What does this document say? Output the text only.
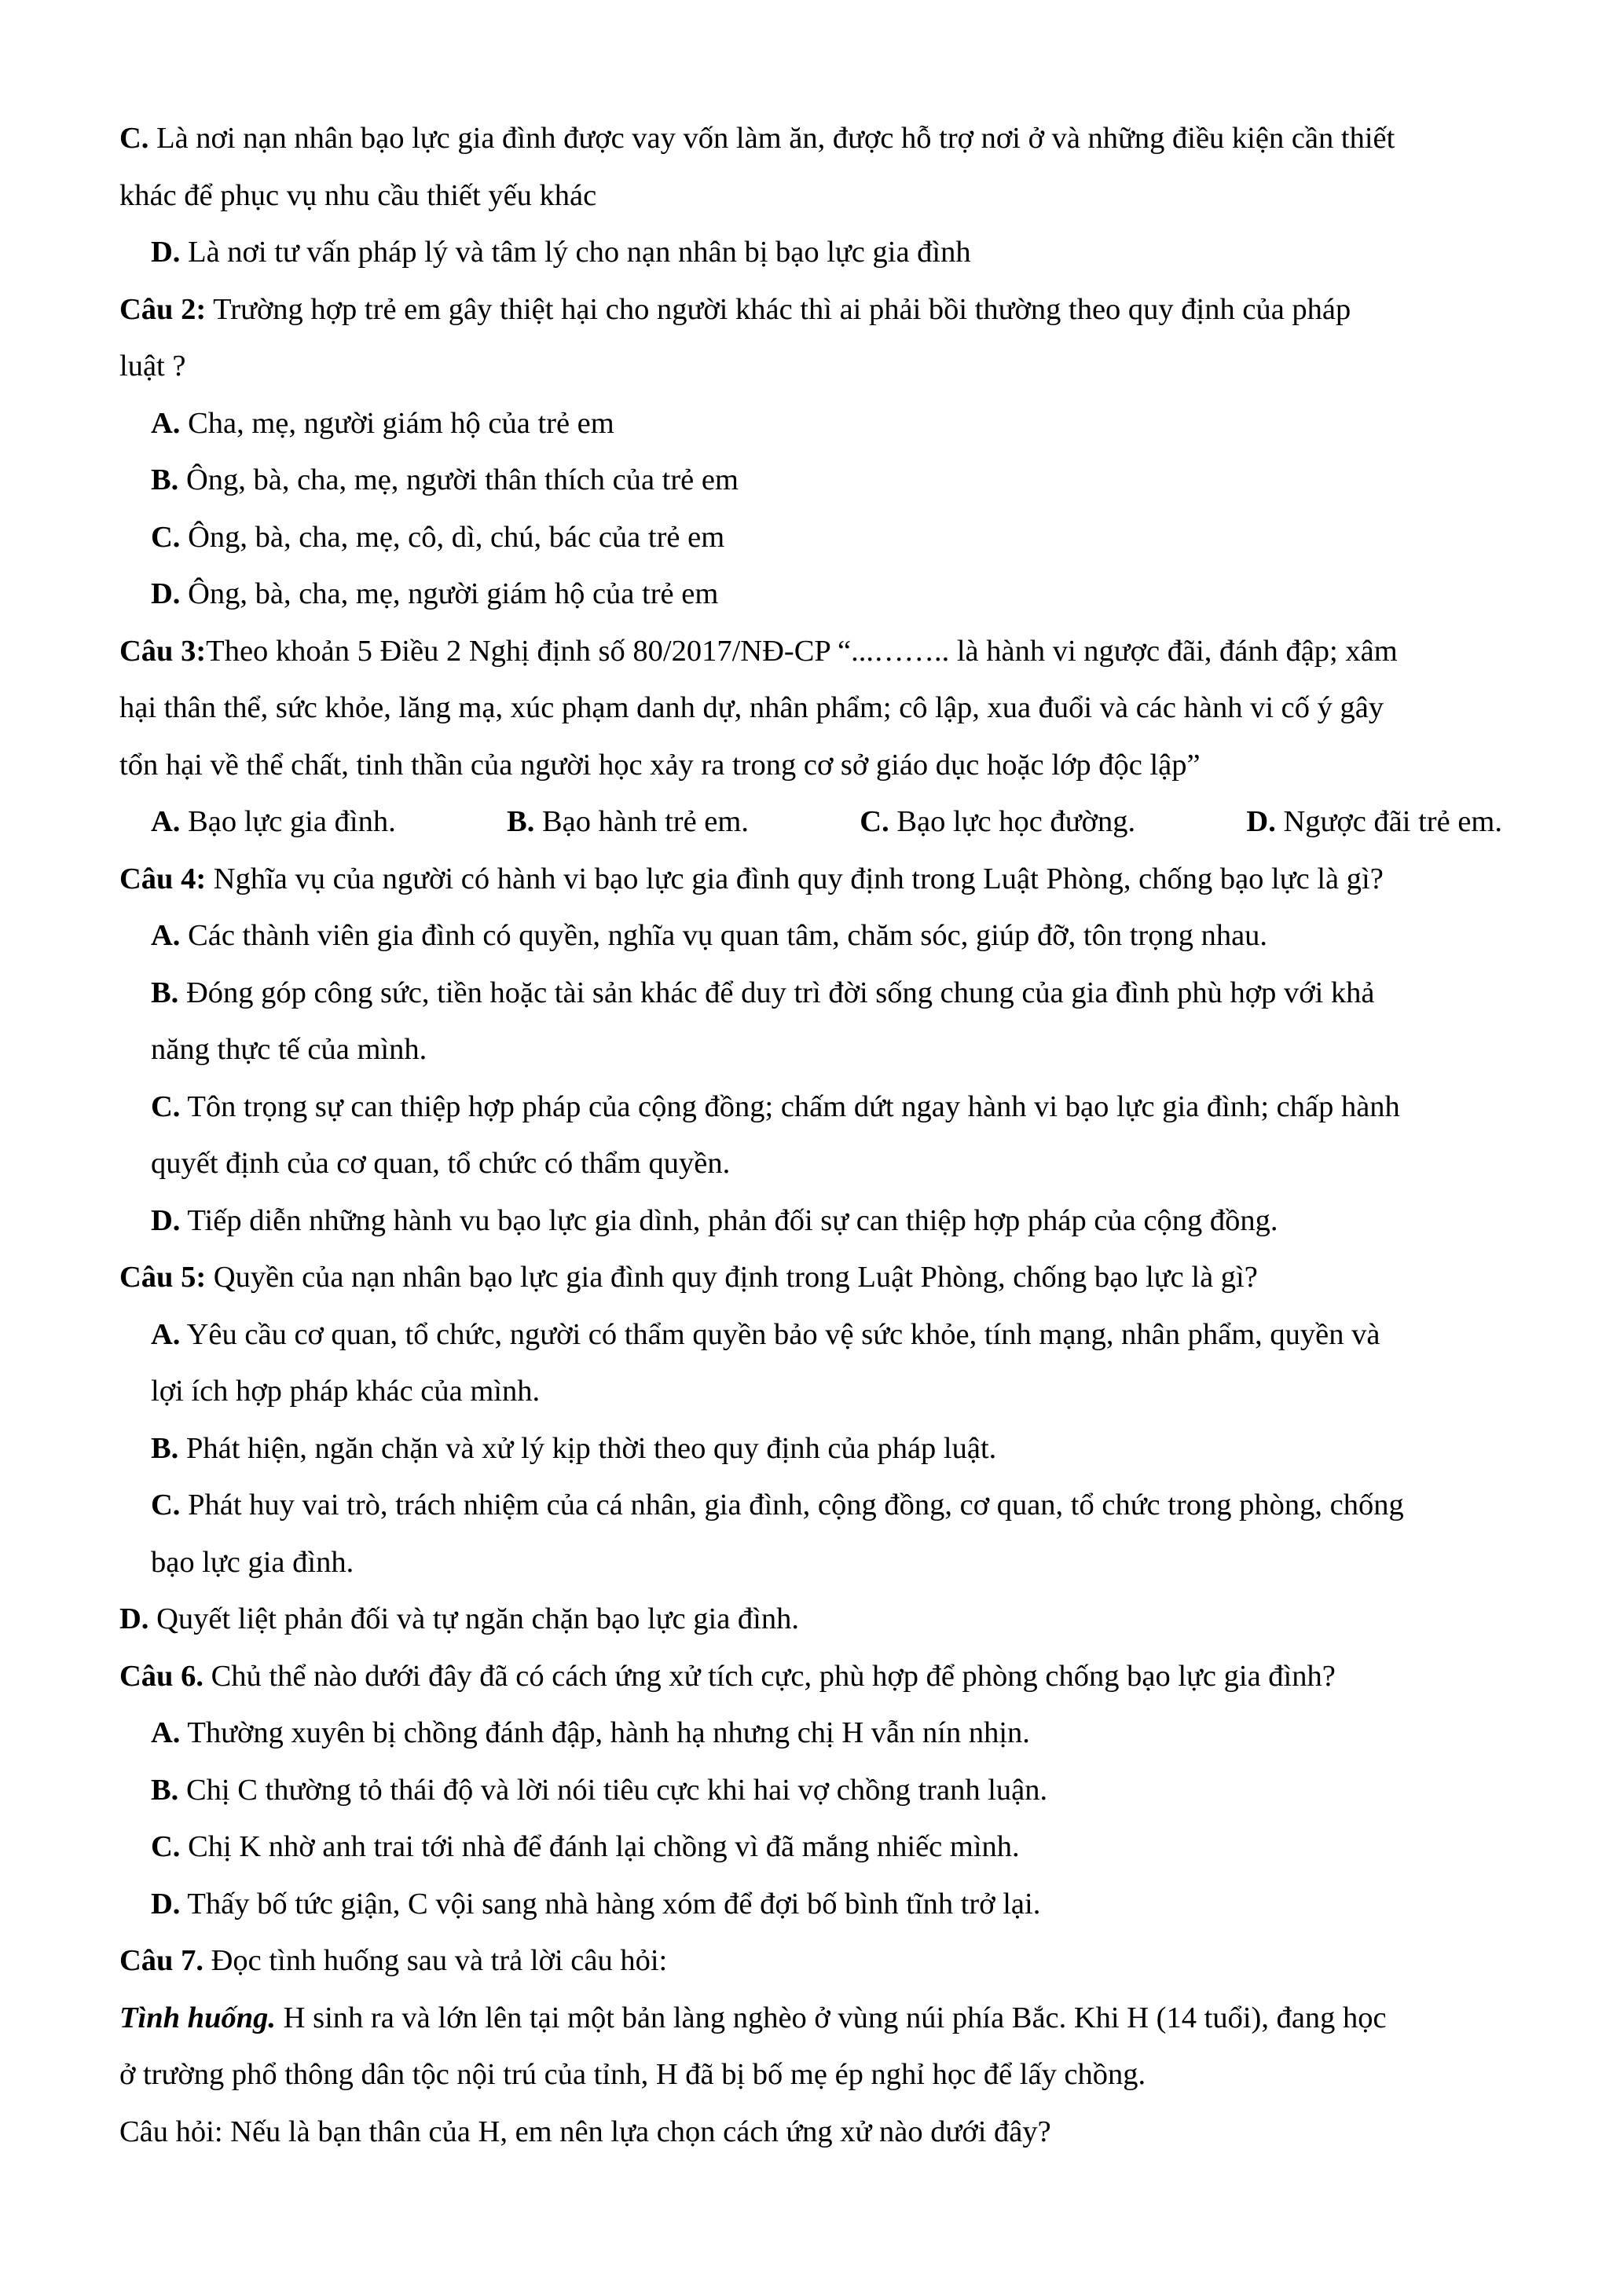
C. Là nơi nạn nhân bạo lực gia đình được vay vốn làm ăn, được hỗ trợ nơi ở và những điều kiện cần thiết
khác để phục vụ nhu cầu thiết yếu khác
D. Là nơi tư vấn pháp lý và tâm lý cho nạn nhân bị bạo lực gia đình
Câu 2: Trường hợp trẻ em gây thiệt hại cho người khác thì ai phải bồi thường theo quy định của pháp
luật ?
A. Cha, mẹ, người giám hộ của trẻ em
B. Ông, bà, cha, mẹ, người thân thích của trẻ em
C. Ông, bà, cha, mẹ, cô, dì, chú, bác của trẻ em
D. Ông, bà, cha, mẹ, người giám hộ của trẻ em
Câu 3:Theo khoản 5 Điều 2 Nghị định số 80/2017/NĐ-CP “...…….. là hành vi ngược đãi, đánh đập; xâm
hại thân thể, sức khỏe, lăng mạ, xúc phạm danh dự, nhân phẩm; cô lập, xua đuổi và các hành vi cố ý gây
tổn hại về thể chất, tinh thần của người học xảy ra trong cơ sở giáo dục hoặc lớp độc lập”
A. Bạo lực gia đình.	B. Bạo hành trẻ em.	C. Bạo lực học đường.	D. Ngược đãi trẻ em.
Câu 4: Nghĩa vụ của người có hành vi bạo lực gia đình quy định trong Luật Phòng, chống bạo lực là gì?
A. Các thành viên gia đình có quyền, nghĩa vụ quan tâm, chăm sóc, giúp đỡ, tôn trọng nhau.
B. Đóng góp công sức, tiền hoặc tài sản khác để duy trì đời sống chung của gia đình phù hợp với khả
năng thực tế của mình.
C. Tôn trọng sự can thiệp hợp pháp của cộng đồng; chấm dứt ngay hành vi bạo lực gia đình; chấp hành
quyết định của cơ quan, tổ chức có thẩm quyền.
D. Tiếp diễn những hành vu bạo lực gia dình, phản đối sự can thiệp hợp pháp của cộng đồng.
Câu 5: Quyền của nạn nhân bạo lực gia đình quy định trong Luật Phòng, chống bạo lực là gì?
A. Yêu cầu cơ quan, tổ chức, người có thẩm quyền bảo vệ sức khỏe, tính mạng, nhân phẩm, quyền và
lợi ích hợp pháp khác của mình.
B. Phát hiện, ngăn chặn và xử lý kịp thời theo quy định của pháp luật.
C. Phát huy vai trò, trách nhiệm của cá nhân, gia đình, cộng đồng, cơ quan, tổ chức trong phòng, chống
bạo lực gia đình.
D. Quyết liệt phản đối và tự ngăn chặn bạo lực gia đình.
Câu 6. Chủ thể nào dưới đây đã có cách ứng xử tích cực, phù hợp để phòng chống bạo lực gia đình?
A. Thường xuyên bị chồng đánh đập, hành hạ nhưng chị H vẫn nín nhịn.
B. Chị C thường tỏ thái độ và lời nói tiêu cực khi hai vợ chồng tranh luận.
C. Chị K nhờ anh trai tới nhà để đánh lại chồng vì đã mắng nhiếc mình.
D. Thấy bố tức giận, C vội sang nhà hàng xóm để đợi bố bình tĩnh trở lại.
Câu 7. Đọc tình huống sau và trả lời câu hỏi:
Tình huống. H sinh ra và lớn lên tại một bản làng nghèo ở vùng núi phía Bắc. Khi H (14 tuổi), đang học
ở trường phổ thông dân tộc nội trú của tỉnh, H đã bị bố mẹ ép nghỉ học để lấy chồng.
Câu hỏi: Nếu là bạn thân của H, em nên lựa chọn cách ứng xử nào dưới đây?
